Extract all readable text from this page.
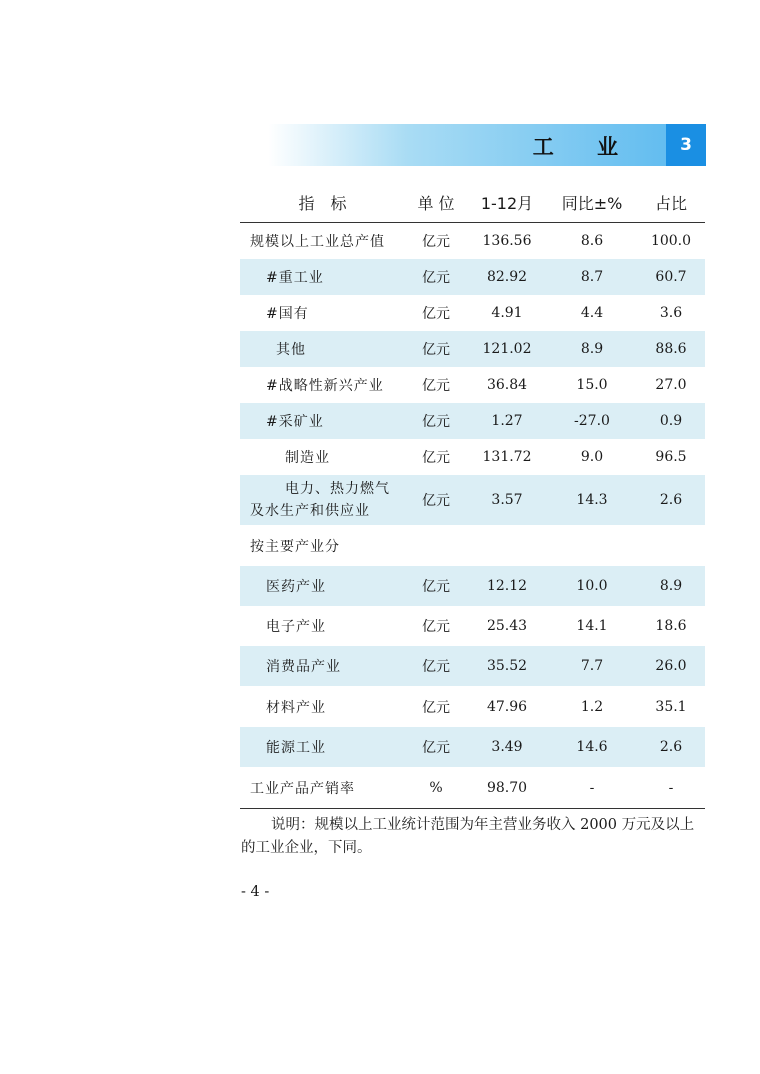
工 业	3
指　标	单 位	1-12月	同比±%	占比
规模以上工业总产值	亿元	136.56	8.6	100.0
#重工业	亿元	82.92	8.7	60.7
#国有	亿元	4.91	4.4	3.6
其他	亿元	121.02	8.9	88.6
#战略性新兴产业	亿元	36.84	15.0	27.0
#采矿业	亿元	1.27	-27.0	0.9
制造业	亿元	131.72	9.0	96.5

电力、热力燃气
及水生产和供应业	亿元	3.57	14.3	2.6
按主要产业分				
医药产业	亿元	12.12	10.0	8.9
电子产业	亿元	25.43	14.1	18.6
消费品产业	亿元	35.52	7.7	26.0
材料产业	亿元	47.96	1.2	35.1
能源工业	亿元	3.49	14.6	2.6
工业产品产销率	%	98.70	-	-
说明：规模以上工业统计范围为年主营业务收入 2000 万元及以上的工业企业，下同。
- 4 -
